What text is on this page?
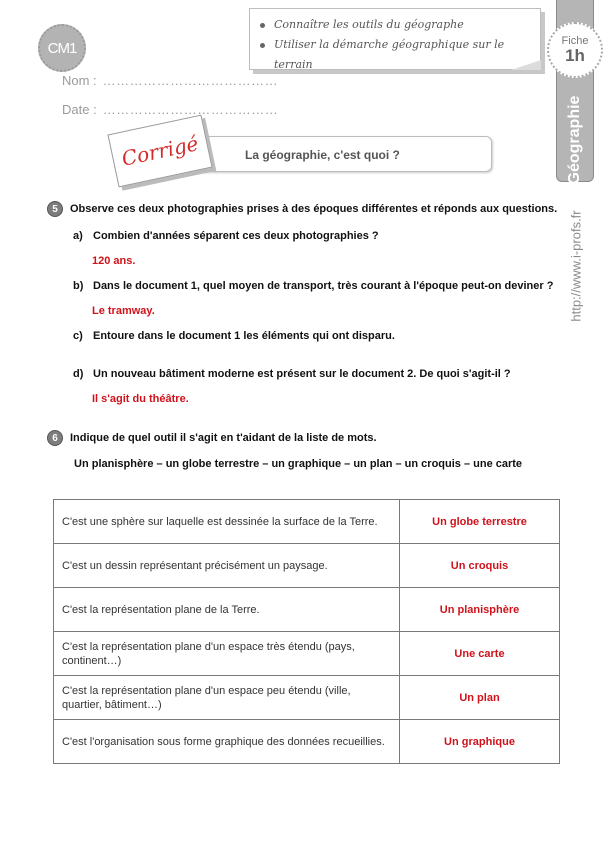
CM1
Nom : …………………………………
Date : …………………………………
Connaître les outils du géographe
Utiliser la démarche géographique sur le terrain
Fiche
1h
Géographie
http://www.i-profs.fr
La géographie, c'est quoi ?
Corrigé
5	Observe ces deux photographies prises à des époques différentes et réponds aux questions.
a) Combien d'années séparent ces deux photographies ?
120 ans.
b) Dans le document 1, quel moyen de transport, très courant à l'époque peut-on deviner ?
Le tramway.
c) Entoure dans le document 1 les éléments qui ont disparu.
d) Un nouveau bâtiment moderne est présent sur le document 2. De quoi s'agit-il ?
Il s'agit du théâtre.
6	Indique de quel outil il s'agit en t'aidant de la liste de mots.
Un planisphère – un globe terrestre – un graphique – un plan – un croquis – une carte
C'est une sphère sur laquelle est dessinée la surface de la Terre.	Un globe terrestre
C'est un dessin représentant précisément un paysage.	Un croquis
C'est la représentation plane de la Terre.	Un planisphère
C'est la représentation plane d'un espace très étendu (pays, continent…)	Une carte
C'est la représentation plane d'un espace peu étendu (ville, quartier, bâtiment…)	Un plan
C'est l'organisation sous forme graphique des données recueillies.	Un graphique
